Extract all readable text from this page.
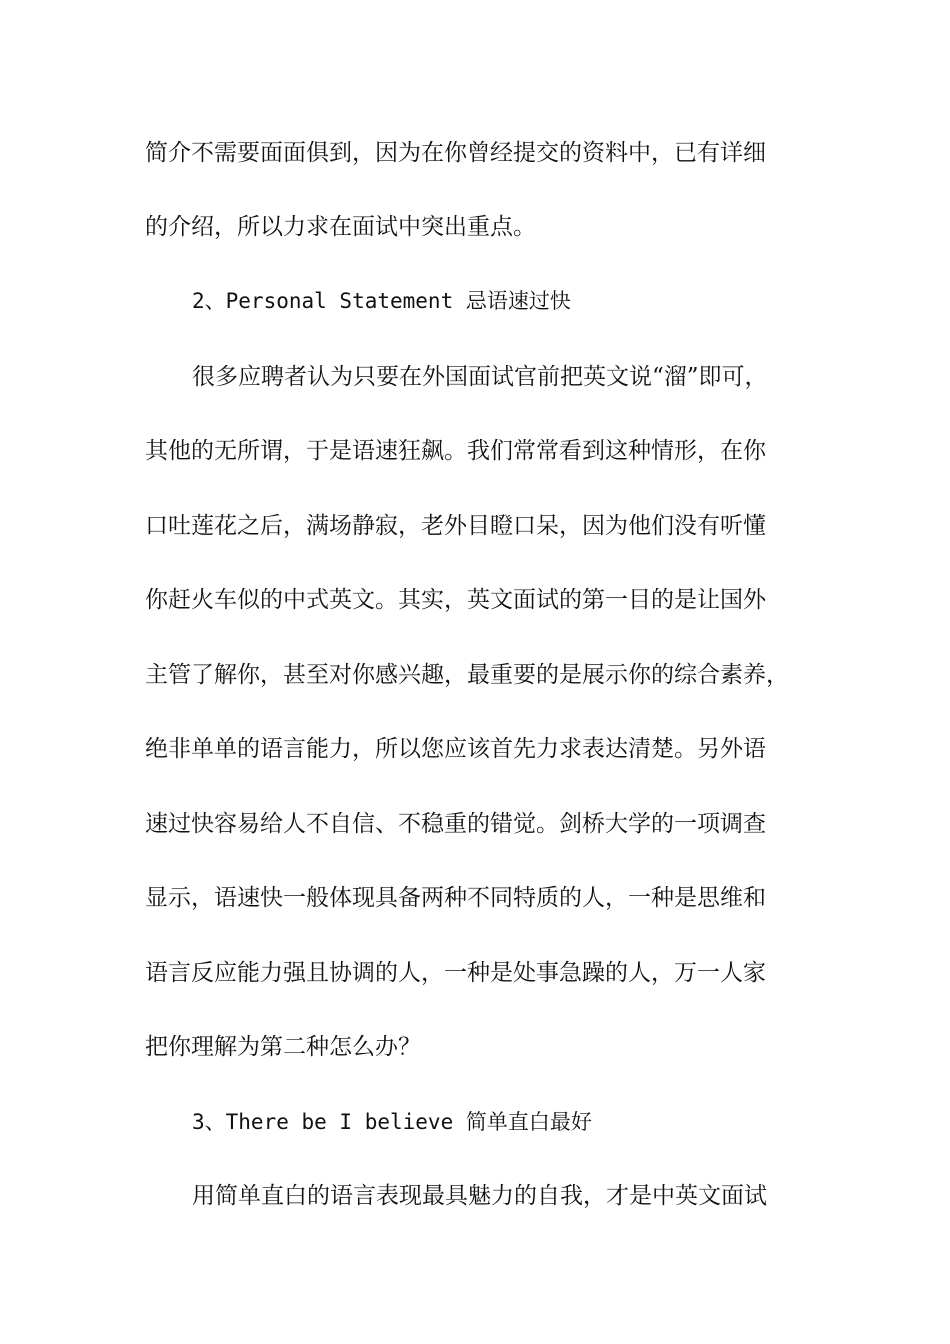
简介不需要面面俱到，因为在你曾经提交的资料中，已有详细
的介绍，所以力求在面试中突出重点。
2、Personal Statement 忌语速过快
很多应聘者认为只要在外国面试官前把英文说“溜”即可，
其他的无所谓，于是语速狂飙。我们常常看到这种情形，在你
口吐莲花之后，满场静寂，老外目瞪口呆，因为他们没有听懂
你赶火车似的中式英文。其实，英文面试的第一目的是让国外
主管了解你，甚至对你感兴趣，最重要的是展示你的综合素养，
绝非单单的语言能力，所以您应该首先力求表达清楚。另外语
速过快容易给人不自信、不稳重的错觉。剑桥大学的一项调查
显示，语速快一般体现具备两种不同特质的人，一种是思维和
语言反应能力强且协调的人，一种是处事急躁的人，万一人家
把你理解为第二种怎么办？
3、There be I believe 简单直白最好
用简单直白的语言表现最具魅力的自我，才是中英文面试
